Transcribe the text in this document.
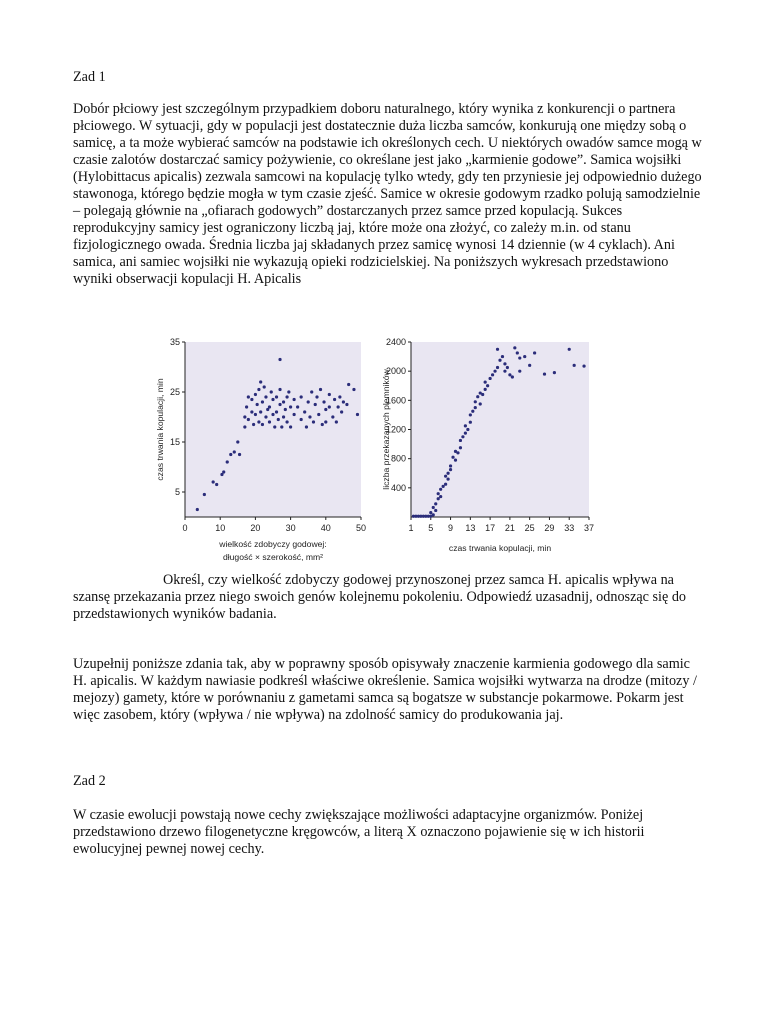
Zad 1

Dobór płciowy jest szczególnym przypadkiem doboru naturalnego, który wynika z konkurencji o partnera płciowego. W sytuacji, gdy w populacji jest dostatecznie duża liczba samców, konkurują one między sobą o samicę, a ta może wybierać samców na podstawie ich określonych cech. U niektórych owadów samce mogą w czasie zalotów dostarczać samicy pożywienie, co określane jest jako „karmienie godowe”. Samica wojsiłki (Hylobittacus apicalis) zezwala samcowi na kopulację tylko wtedy, gdy ten przyniesie jej odpowiednio dużego stawonoga, którego będzie mogła w tym czasie zjeść. Samice w okresie godowym rzadko polują samodzielnie – polegają głównie na „ofiarach godowych” dostarczanych przez samce przed kopulacją. Sukces reprodukcyjny samicy jest ograniczony liczbą jaj, które może ona złożyć, co zależy m.in. od stanu fizjologicznego owada. Średnia liczba jaj składanych przez samicę wynosi 14 dziennie (w 4 cyklach). Ani samica, ani samiec wojsiłki nie wykazują opieki rodzicielskiej. Na poniższych wykresach przedstawiono wyniki obserwacji kopulacji H. Apicalis

0	10	20	30	40	50
5
15
25
35
wielkość zdobyczy godowej:
długość × szerokość, mm²
czas trwania kopulacji, min
1 5 9 13 17 21 25 29 33 37
400
800
1200
1600
2000
2400
liczba przekazanych plemników
czas trwania kopulacji, min

Określ, czy wielkość zdobyczy godowej przynoszonej przez samca H. apicalis wpływa na szansę przekazania przez niego swoich genów kolejnemu pokoleniu. Odpowiedź uzasadnij, odnosząc się do przedstawionych wyników badania.

Uzupełnij poniższe zdania tak, aby w poprawny sposób opisywały znaczenie karmienia godowego dla samic H. apicalis. W każdym nawiasie podkreśl właściwe określenie. Samica wojsiłki wytwarza na drodze (mitozy / mejozy) gamety, które w porównaniu z gametami samca są bogatsze w substancje pokarmowe. Pokarm jest więc zasobem, który (wpływa / nie wpływa) na zdolność samicy do produkowania jaj.

Zad 2

W czasie ewolucji powstają nowe cechy zwiększające możliwości adaptacyjne organizmów. Poniżej przedstawiono drzewo filogenetyczne kręgowców, a literą X oznaczono pojawienie się w ich historii ewolucyjnej pewnej nowej cechy.
